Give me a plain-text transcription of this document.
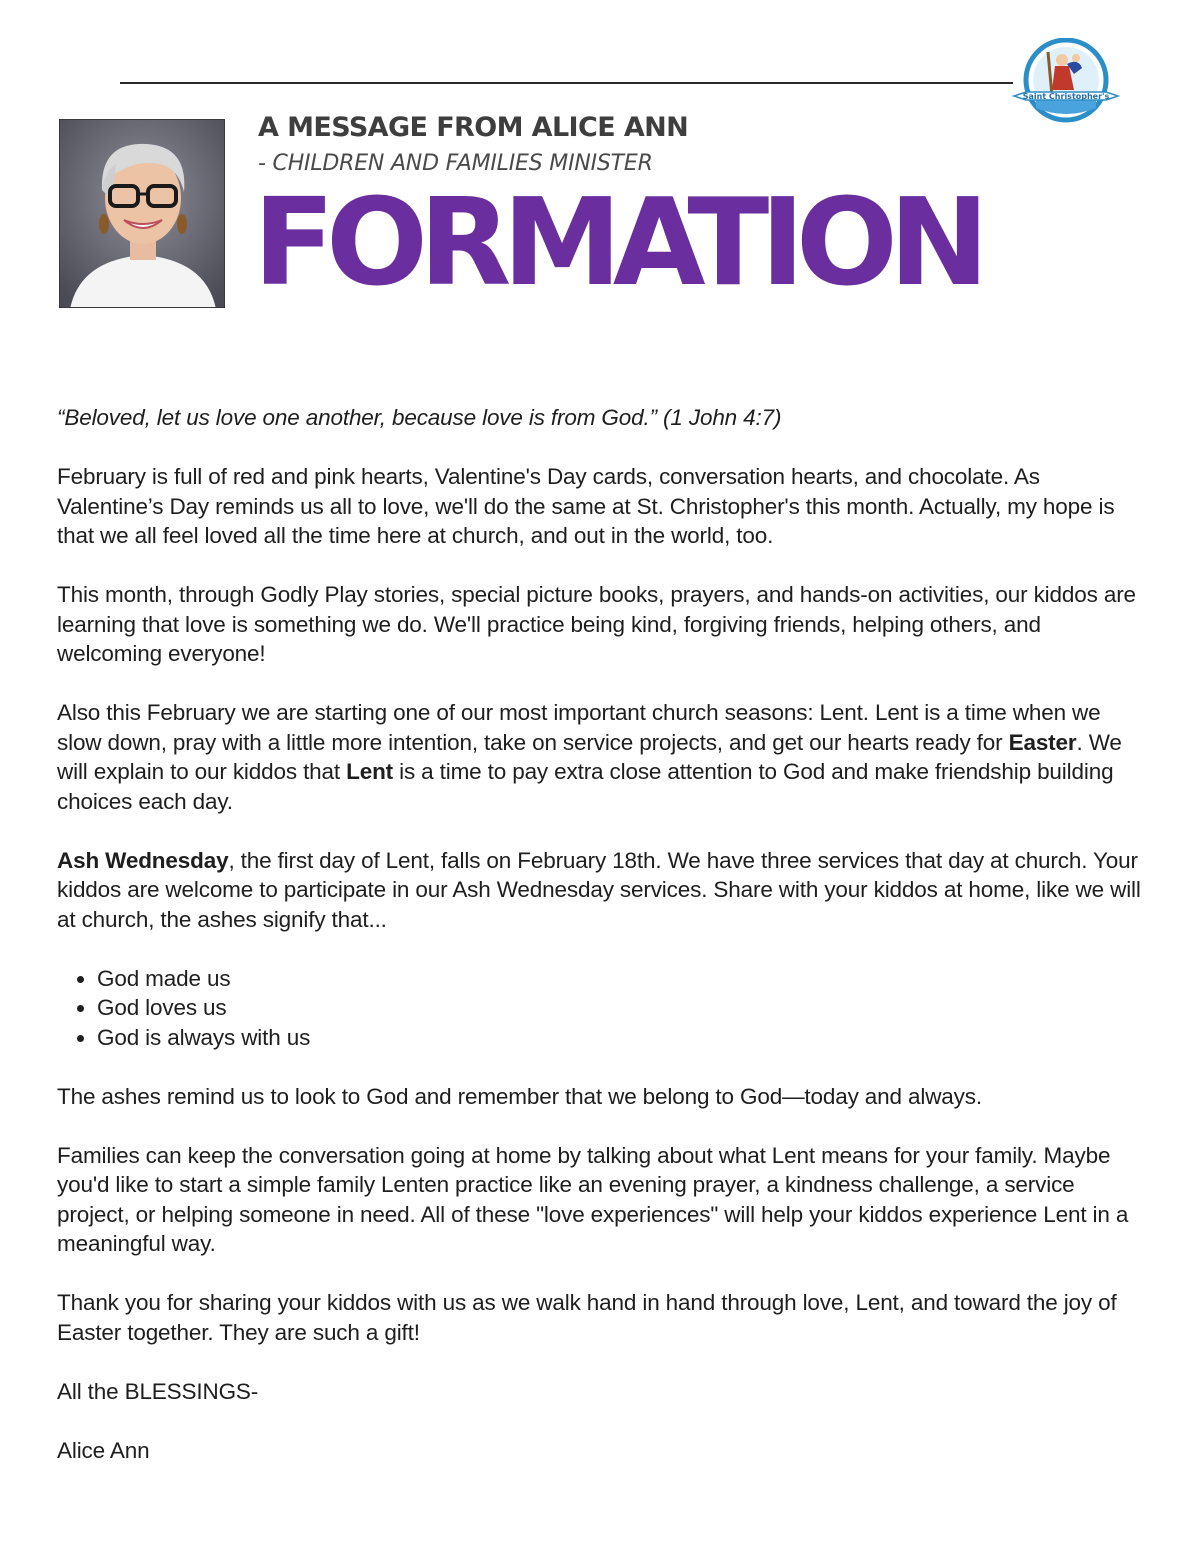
Saint Christopher's
A MESSAGE FROM ALICE ANN
- CHILDREN AND FAMILIES MINISTER
FORMATION

“Beloved, let us love one another, because love is from God.” (1 John 4:7)

February is full of red and pink hearts, Valentine's Day cards, conversation hearts, and chocolate. As Valentine’s Day reminds us all to love, we'll do the same at St. Christopher's this month. Actually, my hope is that we all feel loved all the time here at church, and out in the world, too.

This month, through Godly Play stories, special picture books, prayers, and hands-on activities, our kiddos are learning that love is something we do. We'll practice being kind, forgiving friends, helping others, and welcoming everyone!

Also this February we are starting one of our most important church seasons: Lent. Lent is a time when we slow down, pray with a little more intention, take on service projects, and get our hearts ready for Easter. We will explain to our kiddos that Lent is a time to pay extra close attention to God and make friendship building choices each day.

Ash Wednesday, the first day of Lent, falls on February 18th. We have three services that day at church. Your kiddos are welcome to participate in our Ash Wednesday services. Share with your kiddos at home, like we will at church, the ashes signify that...

• God made us
• God loves us
• God is always with us

The ashes remind us to look to God and remember that we belong to God—today and always.

Families can keep the conversation going at home by talking about what Lent means for your family. Maybe you'd like to start a simple family Lenten practice like an evening prayer, a kindness challenge, a service project, or helping someone in need. All of these "love experiences" will help your kiddos experience Lent in a meaningful way.

Thank you for sharing your kiddos with us as we walk hand in hand through love, Lent, and toward the joy of Easter together. They are such a gift!

All the BLESSINGS-

Alice Ann
